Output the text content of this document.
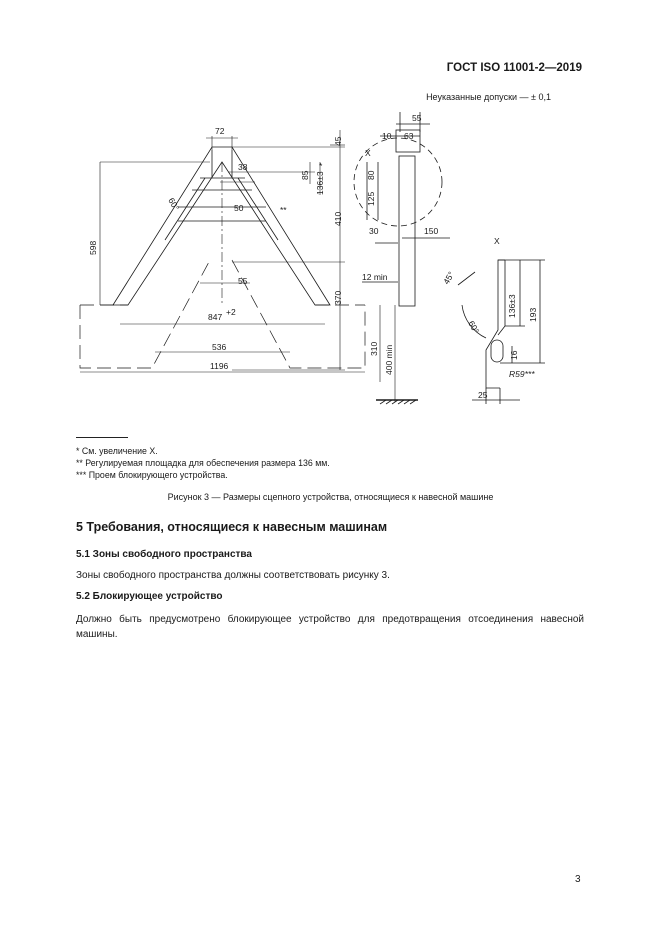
ГОСТ ISO 11001-2—2019
Неуказанные допуски — ± 0,1
72
38
50	**
55
598
847 +2
536
1196
45
85 136±3
*
410
370
310 400 min
10 63
55
80
125
30	150
12 min	45°
60°
60°
136±3 193
16
25
R59***
X
X
* См. увеличение X.
** Регулируемая площадка для обеспечения размера 136 мм.
*** Проем блокирующего устройства.
Рисунок 3 — Размеры сцепного устройства, относящиеся к навесной машине
5 Требования, относящиеся к навесным машинам
5.1 Зоны свободного пространства
Зоны свободного пространства должны соответствовать рисунку 3.
5.2 Блокирующее устройство
Должно быть предусмотрено блокирующее устройство для предотвращения отсоединения навесной машины.
3
